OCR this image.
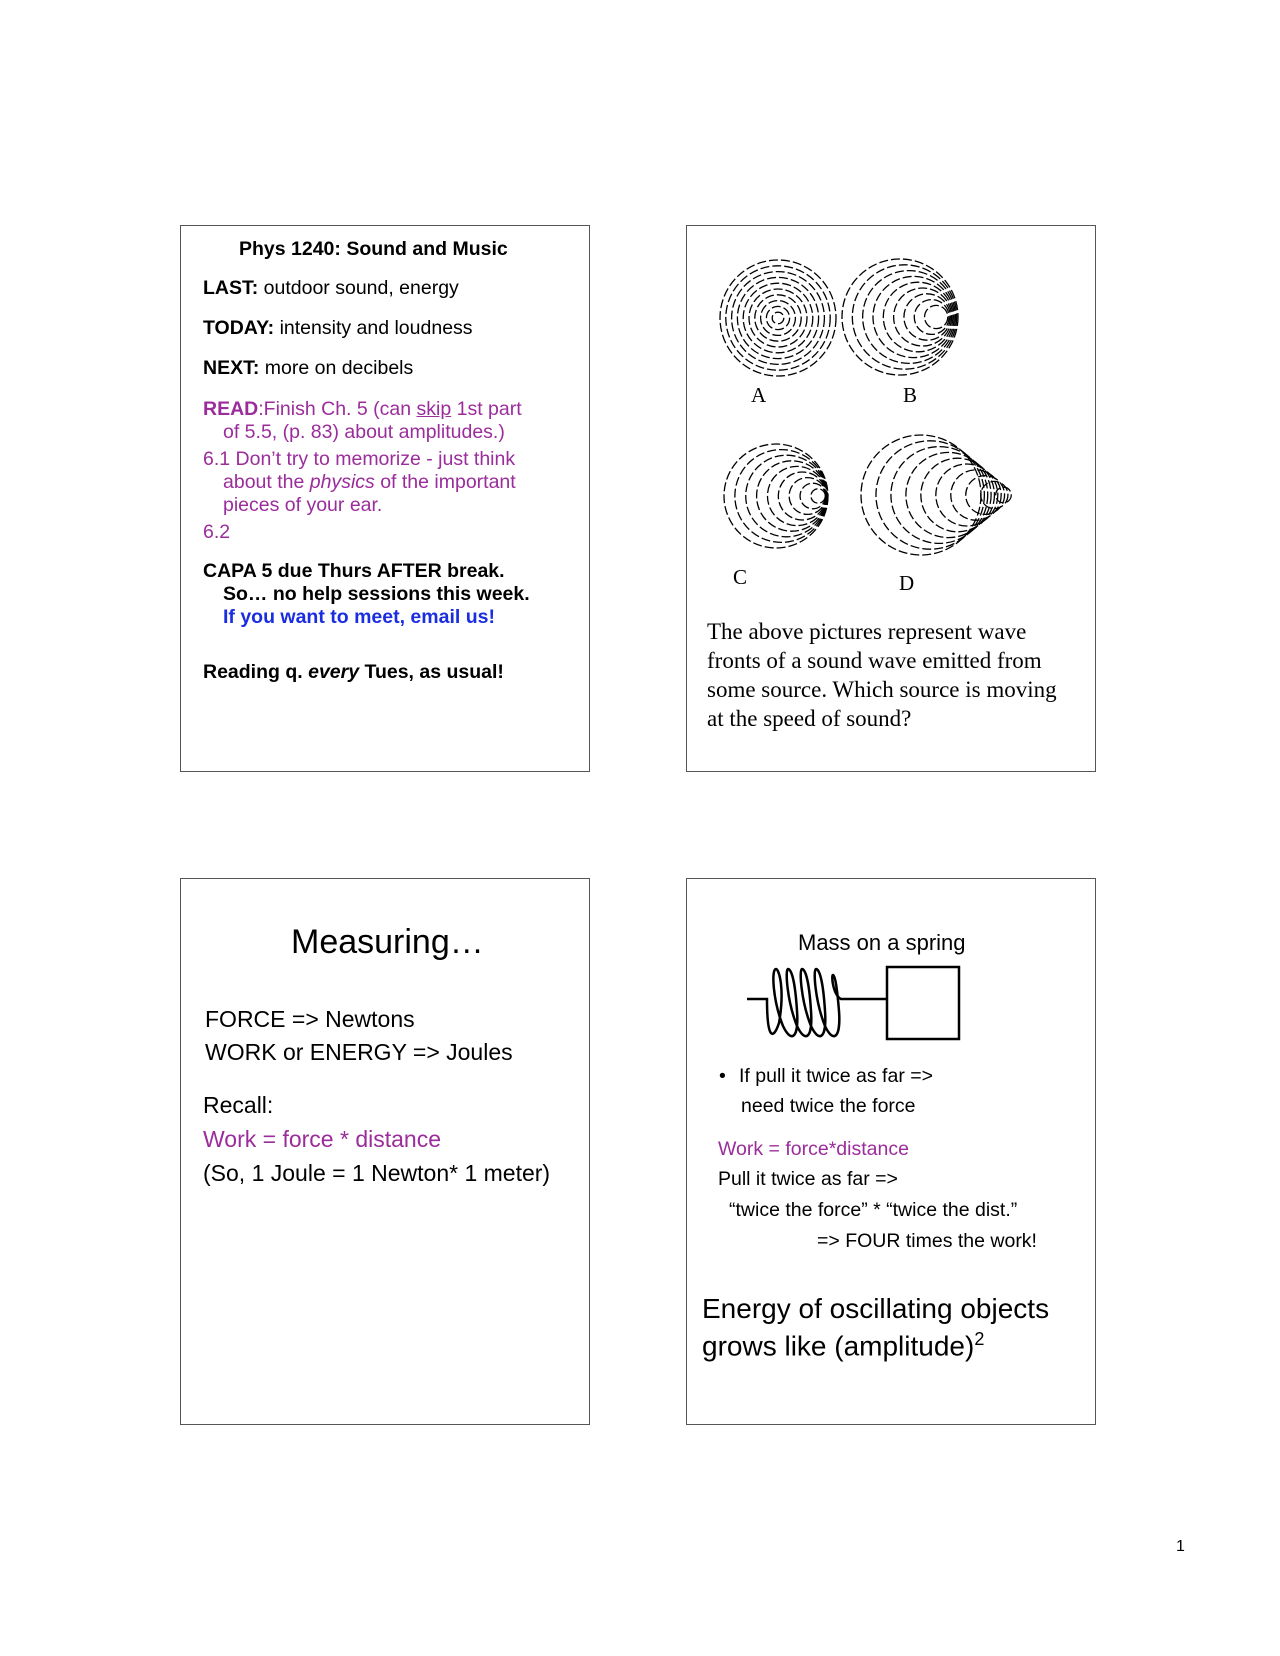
Phys 1240: Sound and Music
LAST: outdoor sound, energy
TODAY: intensity and loudness
NEXT: more on decibels
READ:Finish Ch. 5 (can skip 1st part
of 5.5, (p. 83) about amplitudes.)
6.1 Don’t try to memorize - just think
about the physics of the important
pieces of your ear.
6.2
CAPA 5 due Thurs AFTER break.
So… no help sessions this week.
If you want to meet, email us!
Reading q. every Tues, as usual!
A	B
C	D
The above pictures represent wave
fronts of a sound wave emitted from
some source. Which source is moving
at the speed of sound?
Measuring…
FORCE => Newtons
WORK or ENERGY => Joules
Recall:
Work = force * distance
(So, 1 Joule = 1 Newton* 1 meter)
Mass on a spring
• If pull it twice as far =>
need twice the force
Work = force*distance
Pull it twice as far =>
“twice the force” * “twice the dist.”
=> FOUR times the work!
Energy of oscillating objects
grows like (amplitude)$^2$
1
